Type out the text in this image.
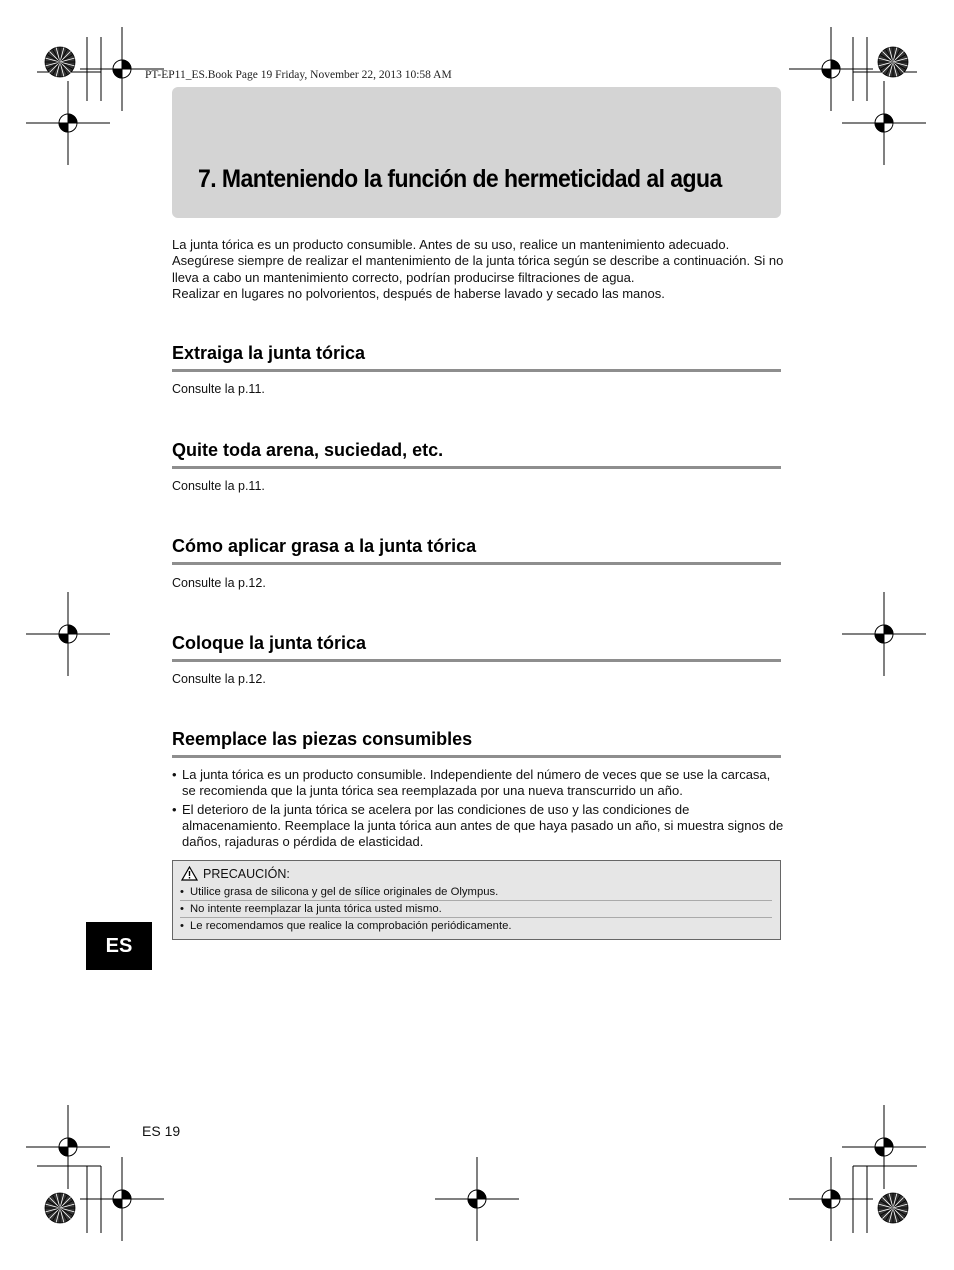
PT-EP11_ES.Book Page 19 Friday, November 22, 2013 10:58 AM
7. Manteniendo la función de hermeticidad al agua

La junta tórica es un producto consumible. Antes de su uso, realice un mantenimiento adecuado.

Asegúrese siempre de realizar el mantenimiento de la junta tórica según se describe a continuación. Si no lleva a cabo un mantenimiento correcto, podrían producirse filtraciones de agua.

Realizar en lugares no polvorientos, después de haberse lavado y secado las manos.

Extraiga la junta tórica
Consulte la p.11.
Quite toda arena, suciedad, etc.
Consulte la p.11.
Cómo aplicar grasa a la junta tórica
Consulte la p.12.
Coloque la junta tórica
Consulte la p.12.
Reemplace las piezas consumibles
• La junta tórica es un producto consumible. Independiente del número de veces que se use la carcasa, se recomienda que la junta tórica sea reemplazada por una nueva transcurrido un año.
• El deterioro de la junta tórica se acelera por las condiciones de uso y las condiciones de almacenamiento. Reemplace la junta tórica aun antes de que haya pasado un año, si muestra signos de daños, rajaduras o pérdida de elasticidad.
PRECAUCIÓN:
• Utilice grasa de silicona y gel de sílice originales de Olympus.
• No intente reemplazar la junta tórica usted mismo.
• Le recomendamos que realice la comprobación periódicamente.
ES
ES 19
